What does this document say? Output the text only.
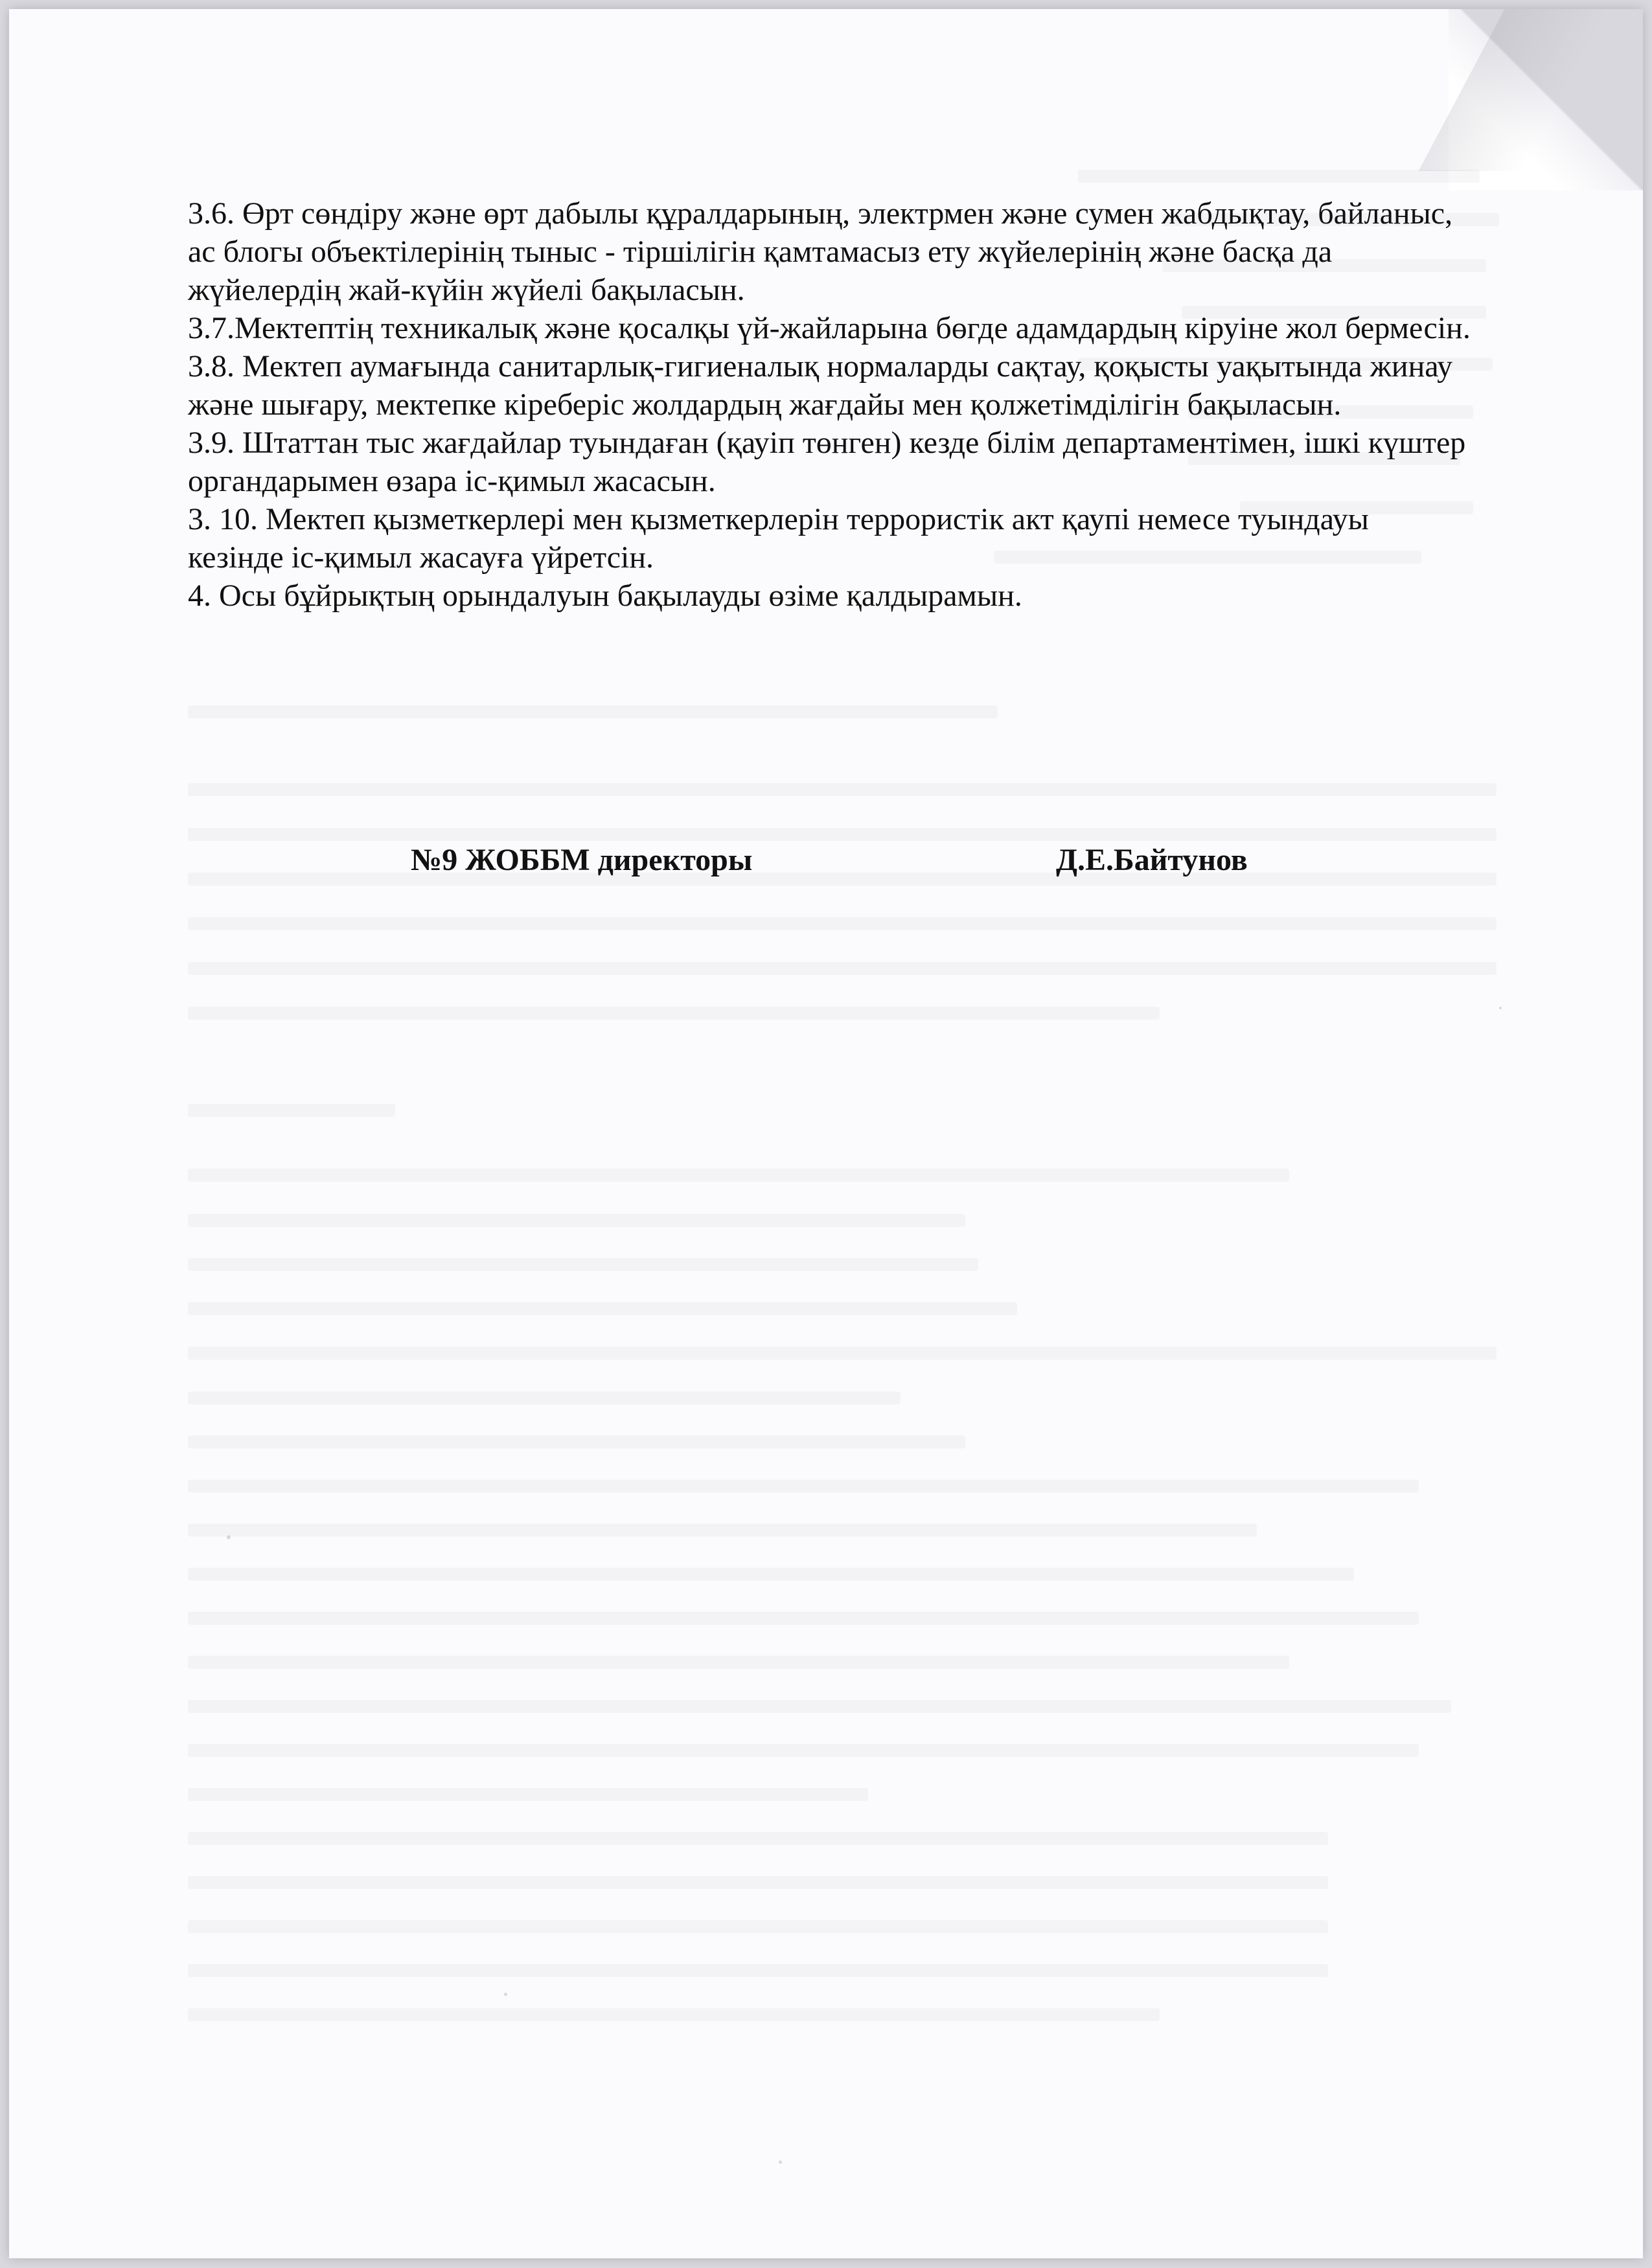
3.6. Өрт сөндіру және өрт дабылы құралдарының, электрмен және сумен жабдықтау, байланыс, ас блогы объектілерінің тыныс - тіршілігін қамтамасыз ету жүйелерінің және басқа да жүйелердің жай-күйін жүйелі бақыласын.

3.7.Мектептің техникалық және қосалқы үй-жайларына бөгде адамдардың кіруіне жол бермесін.

3.8. Мектеп аумағында санитарлық-гигиеналық нормаларды сақтау, қоқысты уақытында жинау және шығару, мектепке кіреберіс жолдардың жағдайы мен қолжетімділігін бақыласын.

3.9. Штаттан тыс жағдайлар туындаған (қауіп төнген) кезде білім департаментімен, ішкі күштер органдарымен өзара іс-қимыл жасасын.

3. 10. Мектеп қызметкерлері мен қызметкерлерін террористік акт қаупі немесе туындауы кезінде іс-қимыл жасауға үйретсін.

4. Осы бұйрықтың орындалуын бақылауды өзіме қалдырамын.

№9 ЖОББМ директоры	Д.Е.Байтунов
